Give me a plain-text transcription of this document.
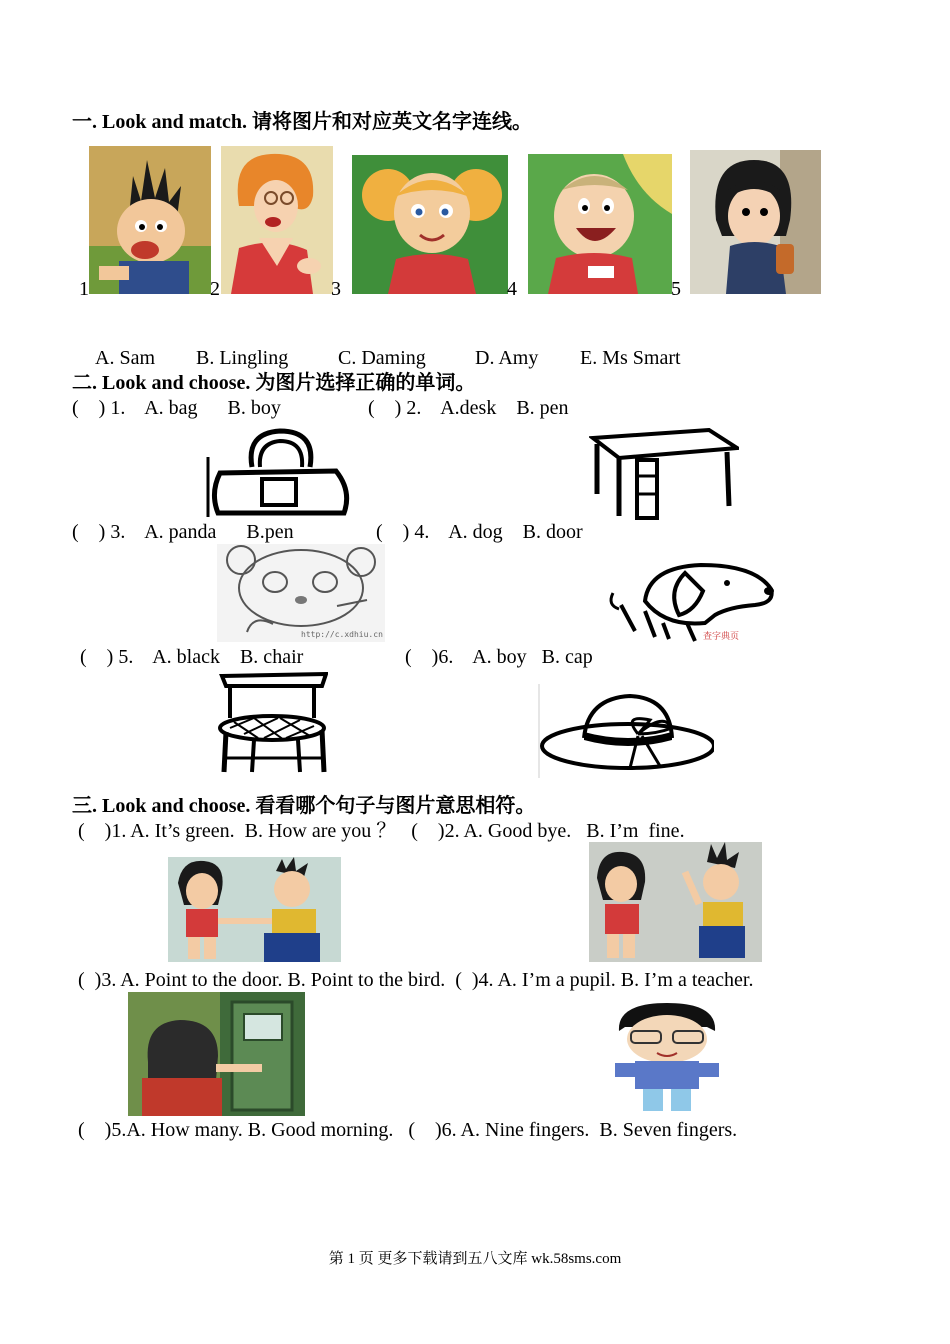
一. Look and match. 请将图片和对应英文名字连线。
1	2	3	4	5
A. Sam B. Lingling C. Daming D. Amy E. Ms Smart
二. Look and choose. 为图片选择正确的单词。
(    ) 1.    A. bag      B. boy	(    ) 2.    A.desk    B. pen
(    ) 3.    A. panda      B.pen	(    ) 4.    A. dog    B. door
http://c.xdhiu.cn	查字典页
(    ) 5.    A. black    B. chair	(    )6.    A. boy   B. cap
三. Look and choose. 看看哪个句子与图片意思相符。
(    )1. A. It’s green.  B. How are you ？   (    )2. A. Good bye.   B. I’m  fine.
(  )3. A. Point to the door. B. Point to the bird.  (  )4. A. I’m a pupil. B. I’m a teacher.
(    )5.A. How many. B. Good morning.   (    )6. A. Nine fingers.  B. Seven fingers.
第 1 页 更多下载请到五八文库 wk.58sms.com
